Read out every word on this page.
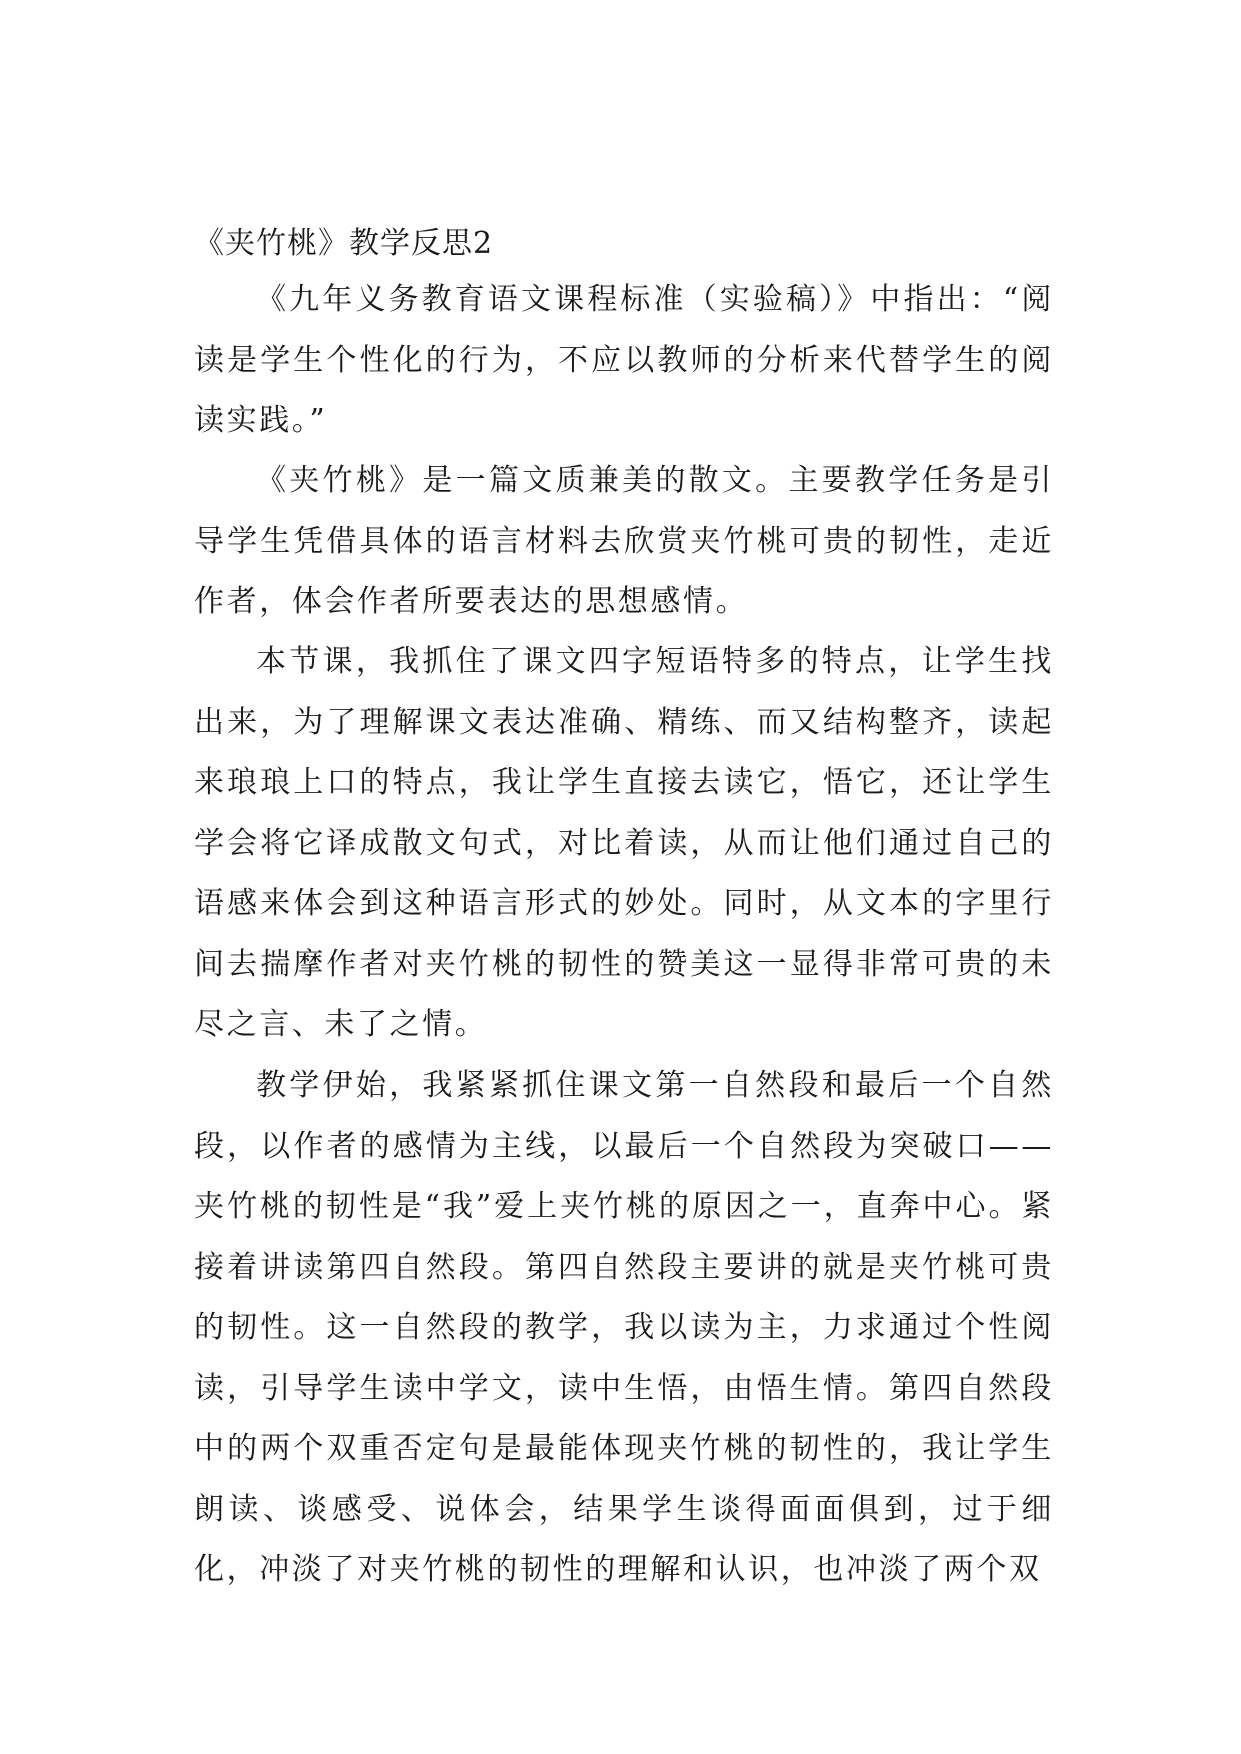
《夹竹桃》教学反思2

《九年义务教育语文课程标准（实验稿）》中指出：“阅读是学生个性化的行为，不应以教师的分析来代替学生的阅读实践。”

《夹竹桃》是一篇文质兼美的散文。主要教学任务是引导学生凭借具体的语言材料去欣赏夹竹桃可贵的韧性，走近作者，体会作者所要表达的思想感情。

本节课，我抓住了课文四字短语特多的特点，让学生找出来，为了理解课文表达准确、精练、而又结构整齐，读起来琅琅上口的特点，我让学生直接去读它，悟它，还让学生学会将它译成散文句式，对比着读，从而让他们通过自己的语感来体会到这种语言形式的妙处。同时，从文本的字里行间去揣摩作者对夹竹桃的韧性的赞美这一显得非常可贵的未尽之言、未了之情。

教学伊始，我紧紧抓住课文第一自然段和最后一个自然段，以作者的感情为主线，以最后一个自然段为突破口——夹竹桃的韧性是“我”爱上夹竹桃的原因之一，直奔中心。紧接着讲读第四自然段。第四自然段主要讲的就是夹竹桃可贵的韧性。这一自然段的教学，我以读为主，力求通过个性阅读，引导学生读中学文，读中生悟，由悟生情。第四自然段中的两个双重否定句是最能体现夹竹桃的韧性的，我让学生朗读、谈感受、说体会，结果学生谈得面面俱到，过于细化，冲淡了对夹竹桃的韧性的理解和认识，也冲淡了两个双
